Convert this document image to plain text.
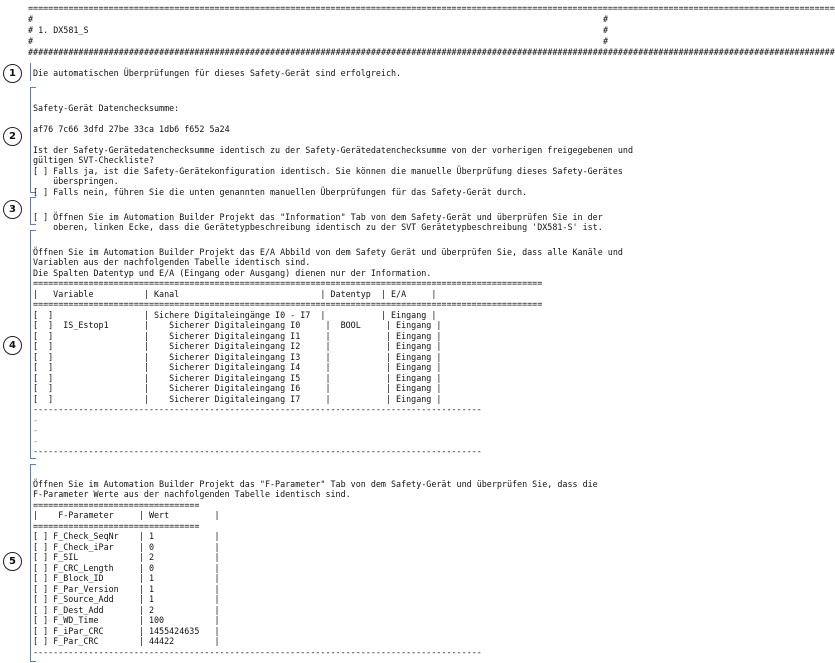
================================================================================================================================================================
#	#
# 1. DX581_S	#
#	#
################################################################################################################################################################
1	Die automatischen Überprüfungen für dieses Safety-Gerät sind erfolgreich.
2

Safety-Gerät Datenchecksumme:

af76 7c66 3dfd 27be 33ca 1db6 f652 5a24

Ist der Safety-Gerätedatenchecksumme identisch zu der Safety-Gerätedatenchecksumme von der vorherigen freigegebenen und
gültigen SVT-Checkliste?
[ ] Falls ja, ist die Safety-Gerätekonfiguration identisch. Sie können die manuelle Überprüfung dieses Safety-Gerätes
überspringen.
[ ] Falls nein, führen Sie die unten genannten manuellen Überprüfungen für das Safety-Gerät durch.
3

[ ] Öffnen Sie im Automation Builder Projekt das "Information" Tab von dem Safety-Gerät und überprüfen Sie in der
oberen, linken Ecke, dass die Gerätetypbeschreibung identisch zu der SVT Gerätetypbeschreibung 'DX581-S' ist.
4

Öffnen Sie im Automation Builder Projekt das E/A Abbild von dem Safety Gerät und überprüfen Sie, dass alle Kanäle und
Variablen aus der nachfolgenden Tabelle identisch sind.
Die Spalten Datentyp und E/A (Eingang oder Ausgang) dienen nur der Information.
=====================================================================================================
|   Variable          | Kanal                            | Datentyp  | E/A     |
=====================================================================================================
[  ]                  | Sichere Digitaleingänge I0 - I7  |           | Eingang |
[  ]  IS_Estop1       |    Sicherer Digitaleingang I0     |  BOOL     | Eingang |
[  ]                  |    Sicherer Digitaleingang I1     |           | Eingang |
[  ]                  |    Sicherer Digitaleingang I2     |           | Eingang |
[  ]                  |    Sicherer Digitaleingang I3     |           | Eingang |
[  ]                  |    Sicherer Digitaleingang I4     |           | Eingang |
[  ]                  |    Sicherer Digitaleingang I5     |           | Eingang |
[  ]                  |    Sicherer Digitaleingang I6     |           | Eingang |
[  ]                  |    Sicherer Digitaleingang I7     |           | Eingang |
-----------------------------------------------------------------------------------------
-
-
-
-----------------------------------------------------------------------------------------
5

Öffnen Sie im Automation Builder Projekt das "F-Parameter" Tab von dem Safety-Gerät und überprüfen Sie, dass die
F-Parameter Werte aus der nachfolgenden Tabelle identisch sind.
=================================
|    F-Parameter     | Wert         |
=================================
[ ] F_Check_SeqNr    | 1            |
[ ] F_Check_iPar     | 0            |
[ ] F_SIL            | 2            |
[ ] F_CRC_Length     | 0            |
[ ] F_Block_ID       | 1            |
[ ] F_Par_Version    | 1            |
[ ] F_Source_Add     | 1            |
[ ] F_Dest_Add       | 2            |
[ ] F_WD_Time        | 100          |
[ ] F_iPar_CRC       | 1455424635   |
[ ] F_Par_CRC        | 44422        |
-----------------------------------------------------------------------------------------
